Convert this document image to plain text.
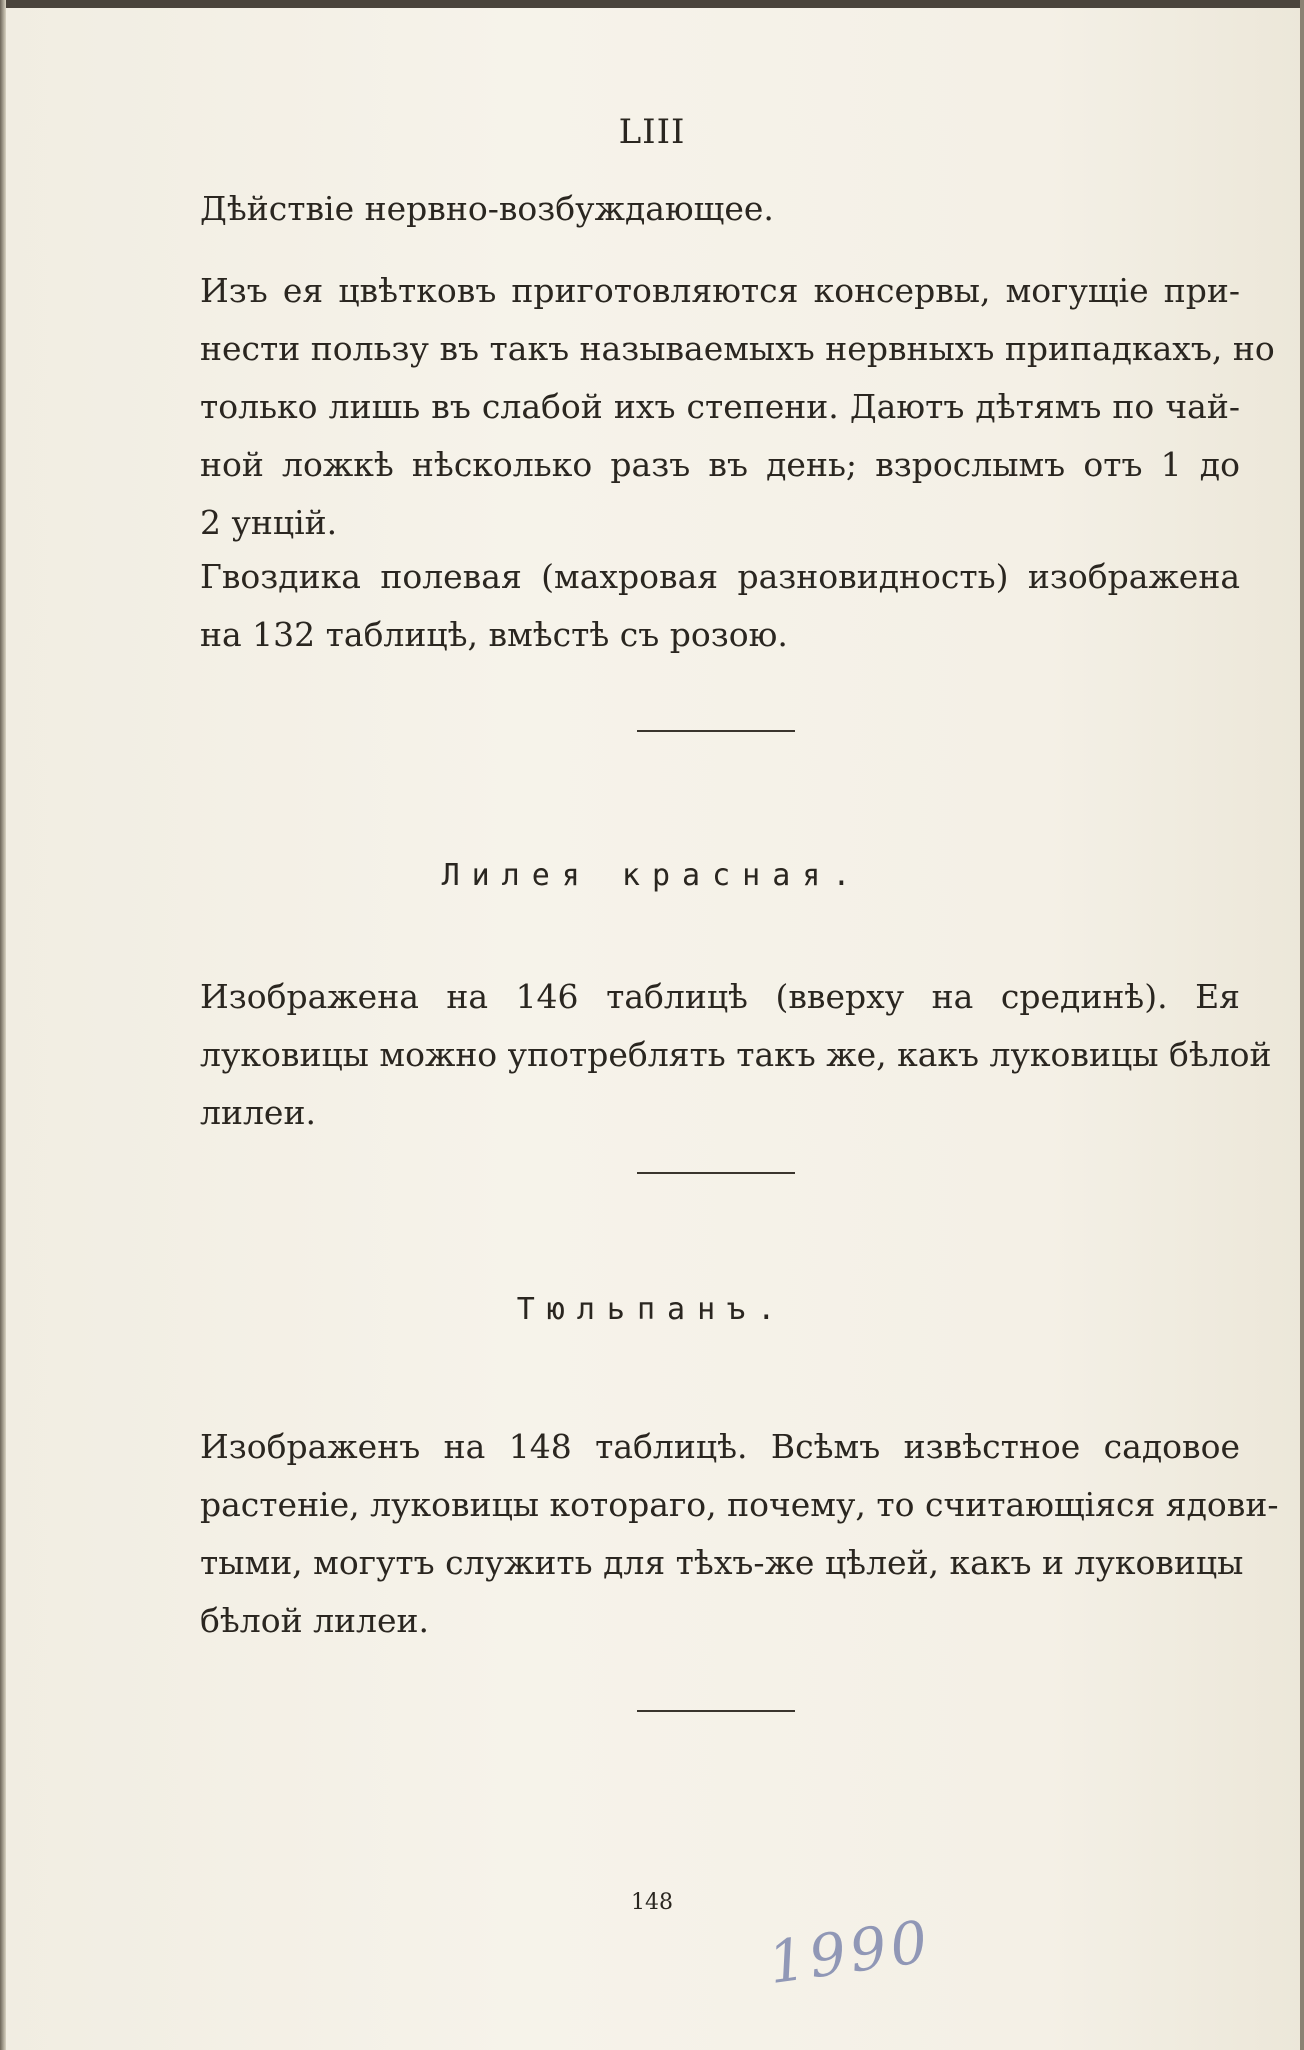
LIII
Дѣйствіе нервно-возбуждающее.
Изъ ея цвѣтковъ приготовляются консервы, могущіе при-
нести пользу въ такъ называемыхъ нервныхъ припадкахъ, но
только лишь въ слабой ихъ степени. Даютъ дѣтямъ по чай-
ной ложкѣ нѣсколько разъ въ день; взрослымъ отъ 1 до
2 унцій.
Гвоздика полевая (махровая разновидность) изображена
на 132 таблицѣ, вмѣстѣ съ розою.
Лилея красная.
Изображена на 146 таблицѣ (вверху на срединѣ). Ея
луковицы можно употреблять такъ же, какъ луковицы бѣлой
лилеи.
Тюльпанъ.
Изображенъ на 148 таблицѣ. Всѣмъ извѣстное садовое
растеніе, луковицы котораго, почему, то считающіяся ядови-
тыми, могутъ служить для тѣхъ-же цѣлей, какъ и луковицы
бѣлой лилеи.
148
1990
